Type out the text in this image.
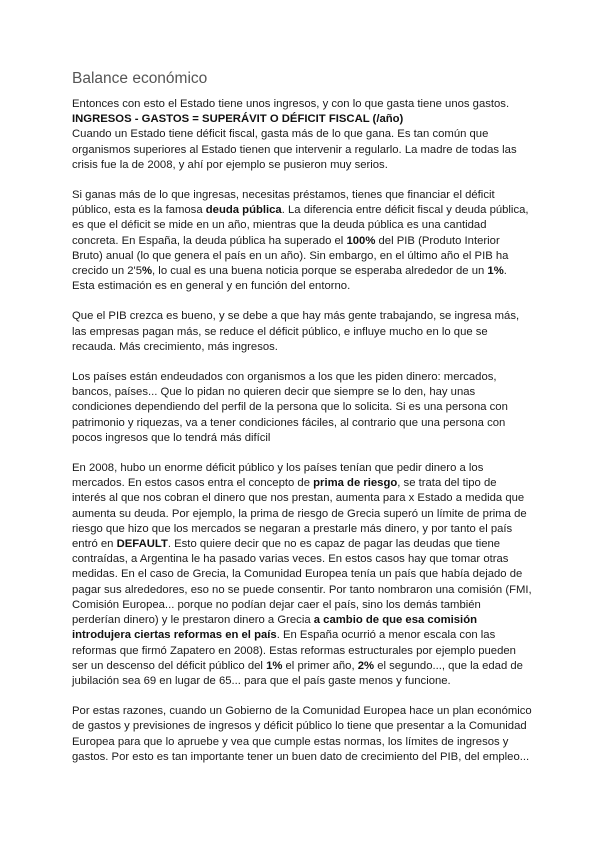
Balance económico

Entonces con esto el Estado tiene unos ingresos, y con lo que gasta tiene unos gastos.

INGRESOS - GASTOS = SUPERÁVIT O DÉFICIT FISCAL (/año)

Cuando un Estado tiene déficit fiscal, gasta más de lo que gana. Es tan común que organismos superiores al Estado tienen que intervenir a regularlo. La madre de todas las crisis fue la de 2008, y ahí por ejemplo se pusieron muy serios.

Si ganas más de lo que ingresas, necesitas préstamos, tienes que financiar el déficit público, esta es la famosa deuda pública. La diferencia entre déficit fiscal y deuda pública, es que el déficit se mide en un año, mientras que la deuda pública es una cantidad concreta. En España, la deuda pública ha superado el 100% del PIB (Produto Interior Bruto) anual (lo que genera el país en un año). Sin embargo, en el último año el PIB ha crecido un 2'5%, lo cual es una buena noticia porque se esperaba alrededor de un 1%. Esta estimación es en general y en función del entorno.

Que el PIB crezca es bueno, y se debe a que hay más gente trabajando, se ingresa más, las empresas pagan más, se reduce el déficit público, e influye mucho en lo que se recauda. Más crecimiento, más ingresos.

Los países están endeudados con organismos a los que les piden dinero: mercados, bancos, países... Que lo pidan no quieren decir que siempre se lo den, hay unas condiciones dependiendo del perfil de la persona que lo solicita. Si es una persona con patrimonio y riquezas, va a tener condiciones fáciles, al contrario que una persona con pocos ingresos que lo tendrá más difícil

En 2008, hubo un enorme déficit público y los países tenían que pedir dinero a los mercados. En estos casos entra el concepto de prima de riesgo, se trata del tipo de interés al que nos cobran el dinero que nos prestan, aumenta para x Estado a medida que aumenta su deuda. Por ejemplo, la prima de riesgo de Grecia superó un límite de prima de riesgo que hizo que los mercados se negaran a prestarle más dinero, y por tanto el país entró en DEFAULT. Esto quiere decir que no es capaz de pagar las deudas que tiene contraídas, a Argentina le ha pasado varias veces. En estos casos hay que tomar otras medidas. En el caso de Grecia, la Comunidad Europea tenía un país que había dejado de pagar sus alrededores, eso no se puede consentir. Por tanto nombraron una comisión (FMI, Comisión Europea... porque no podían dejar caer el país, sino los demás también perderían dinero) y le prestaron dinero a Grecia a cambio de que esa comisión introdujera ciertas reformas en el país. En España ocurrió a menor escala con las reformas que firmó Zapatero en 2008). Estas reformas estructurales por ejemplo pueden ser un descenso del déficit público del 1% el primer año, 2% el segundo..., que la edad de jubilación sea 69 en lugar de 65... para que el país gaste menos y funcione.

Por estas razones, cuando un Gobierno de la Comunidad Europea hace un plan económico de gastos y previsiones de ingresos y déficit público lo tiene que presentar a la Comunidad Europea para que lo apruebe y vea que cumple estas normas, los límites de ingresos y gastos. Por esto es tan importante tener un buen dato de crecimiento del PIB, del empleo...
